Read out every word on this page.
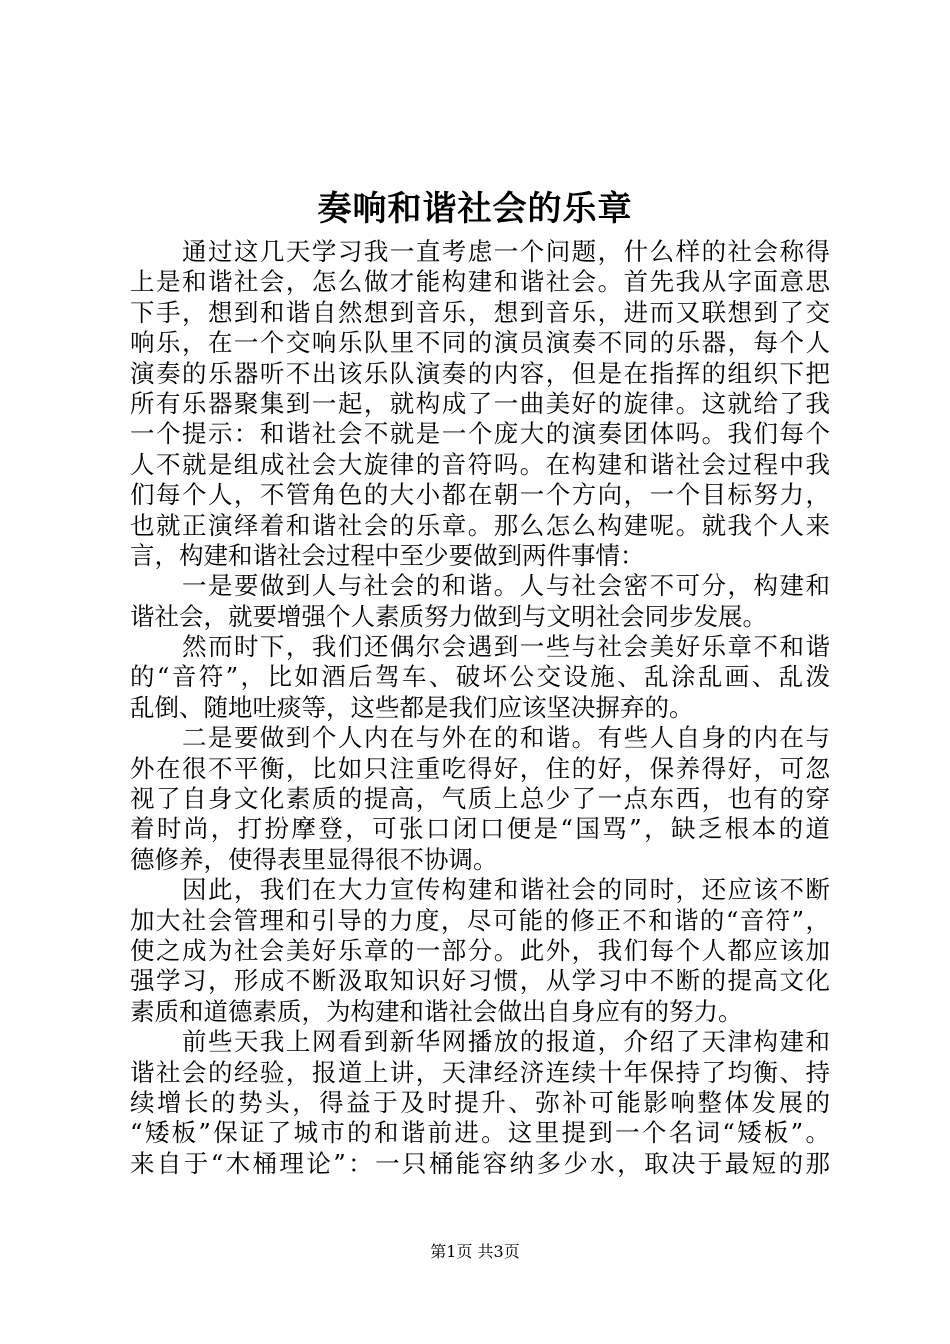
奏响和谐社会的乐章
通过这几天学习我一直考虑一个问题，什么样的社会称得
上是和谐社会，怎么做才能构建和谐社会。首先我从字面意思
下手，想到和谐自然想到音乐，想到音乐，进而又联想到了交
响乐，在一个交响乐队里不同的演员演奏不同的乐器，每个人
演奏的乐器听不出该乐队演奏的内容，但是在指挥的组织下把
所有乐器聚集到一起，就构成了一曲美好的旋律。这就给了我
一个提示：和谐社会不就是一个庞大的演奏团体吗。我们每个
人不就是组成社会大旋律的音符吗。在构建和谐社会过程中我
们每个人，不管角色的大小都在朝一个方向，一个目标努力，
也就正演绎着和谐社会的乐章。那么怎么构建呢。就我个人来
言，构建和谐社会过程中至少要做到两件事情：
一是要做到人与社会的和谐。人与社会密不可分，构建和
谐社会，就要增强个人素质努力做到与文明社会同步发展。
然而时下，我们还偶尔会遇到一些与社会美好乐章不和谐
的“音符”，比如酒后驾车、破坏公交设施、乱涂乱画、乱泼
乱倒、随地吐痰等，这些都是我们应该坚决摒弃的。
二是要做到个人内在与外在的和谐。有些人自身的内在与
外在很不平衡，比如只注重吃得好，住的好，保养得好，可忽
视了自身文化素质的提高，气质上总少了一点东西，也有的穿
着时尚，打扮摩登，可张口闭口便是“国骂”，缺乏根本的道
德修养，使得表里显得很不协调。
因此，我们在大力宣传构建和谐社会的同时，还应该不断
加大社会管理和引导的力度，尽可能的修正不和谐的“音符”，
使之成为社会美好乐章的一部分。此外，我们每个人都应该加
强学习，形成不断汲取知识好习惯，从学习中不断的提高文化
素质和道德素质，为构建和谐社会做出自身应有的努力。
前些天我上网看到新华网播放的报道，介绍了天津构建和
谐社会的经验，报道上讲，天津经济连续十年保持了均衡、持
续增长的势头，得益于及时提升、弥补可能影响整体发展的
“矮板”保证了城市的和谐前进。这里提到一个名词“矮板”。
来自于“木桶理论”：一只桶能容纳多少水，取决于最短的那
第1页 共3页
